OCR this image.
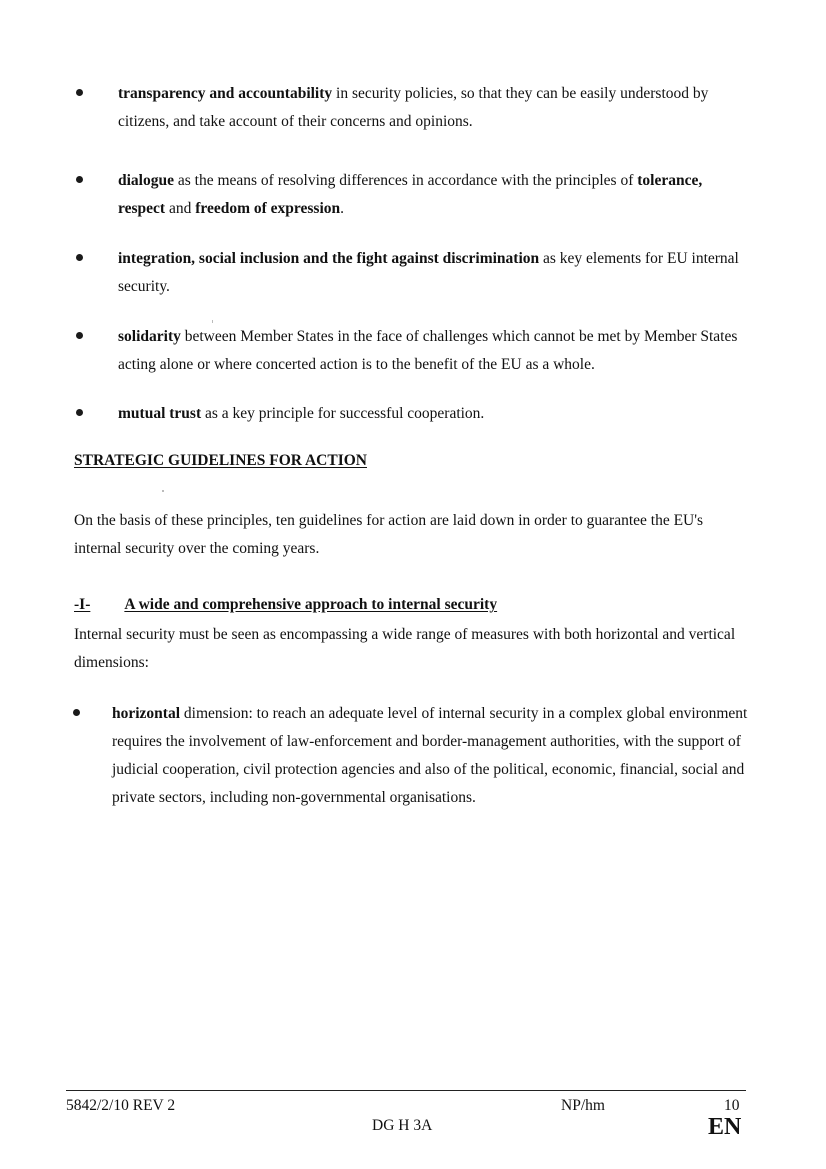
transparency and accountability in security policies, so that they can be easily understood by citizens, and take account of their concerns and opinions.
dialogue as the means of resolving differences in accordance with the principles of tolerance, respect and freedom of expression.
integration, social inclusion and the fight against discrimination as key elements for EU internal security.
solidarity between Member States in the face of challenges which cannot be met by Member States acting alone or where concerted action is to the benefit of the EU as a whole.
mutual trust as a key principle for successful cooperation.
STRATEGIC GUIDELINES FOR ACTION
On the basis of these principles, ten guidelines for action are laid down in order to guarantee the EU's internal security over the coming years.
-I- A wide and comprehensive approach to internal security
Internal security must be seen as encompassing a wide range of measures with both horizontal and vertical dimensions:
horizontal dimension: to reach an adequate level of internal security in a complex global environment requires the involvement of law-enforcement and border-management authorities, with the support of judicial cooperation, civil protection agencies and also of the political, economic, financial, social and private sectors, including non-governmental organisations.
5842/2/10 REV 2
DG H 3A
NP/hm	10
EN
